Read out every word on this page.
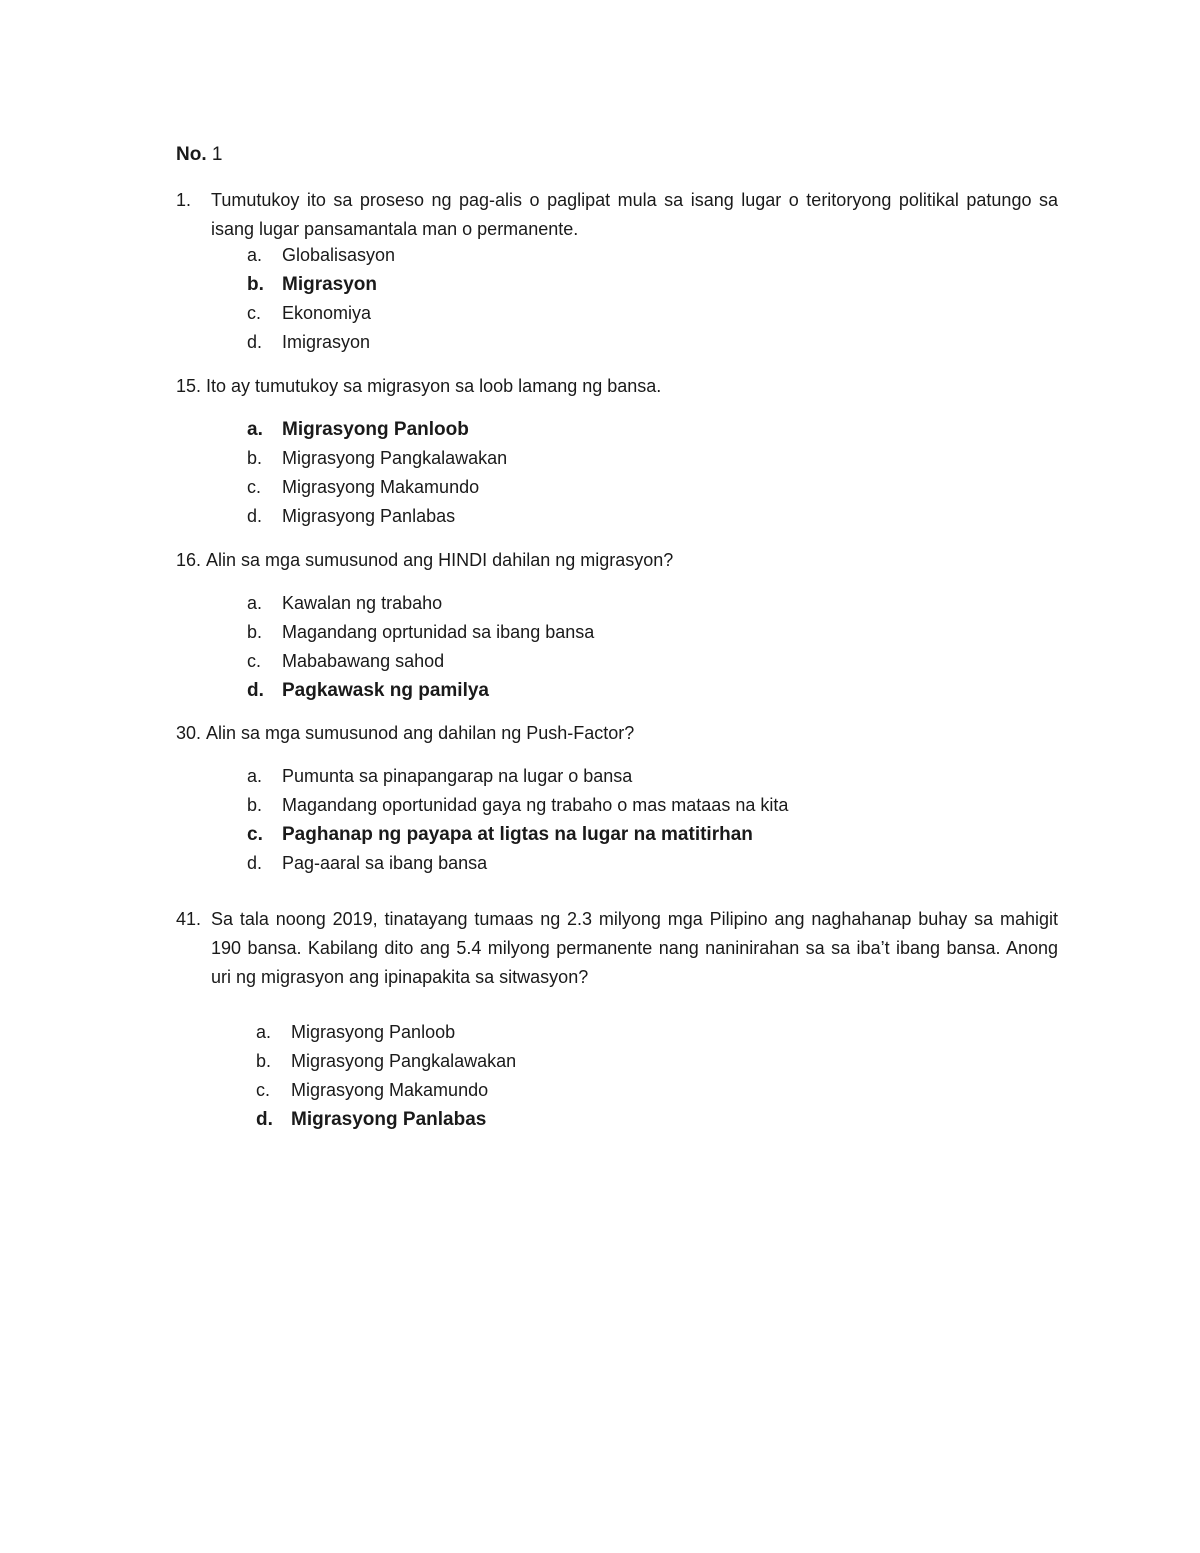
No. 1
1. Tumutukoy ito sa proseso ng pag-alis o paglipat mula sa isang lugar o teritoryong politikal patungo sa isang lugar pansamantala man o permanente.
a. Globalisasyon
b. Migrasyon
c. Ekonomiya
d. Imigrasyon
15. Ito ay tumutukoy sa migrasyon sa loob lamang ng bansa.
a. Migrasyong Panloob
b. Migrasyong Pangkalawakan
c. Migrasyong Makamundo
d. Migrasyong Panlabas
16. Alin sa mga sumusunod ang HINDI dahilan ng migrasyon?
a. Kawalan ng trabaho
b. Magandang oprtunidad sa ibang bansa
c. Mababawang sahod
d. Pagkawask ng pamilya
30. Alin sa mga sumusunod ang dahilan ng Push-Factor?
a. Pumunta sa pinapangarap na lugar o bansa
b. Magandang oportunidad gaya ng trabaho o mas mataas na kita
c. Paghanap ng payapa at ligtas na lugar na matitirhan
d. Pag-aaral sa ibang bansa
41. Sa tala noong 2019, tinatayang tumaas ng 2.3 milyong mga Pilipino ang naghahanap buhay sa mahigit 190 bansa. Kabilang dito ang 5.4 milyong permanente nang naninirahan sa sa iba’t ibang bansa. Anong uri ng migrasyon ang ipinapakita sa sitwasyon?
a. Migrasyong Panloob
b. Migrasyong Pangkalawakan
c. Migrasyong Makamundo
d. Migrasyong Panlabas
